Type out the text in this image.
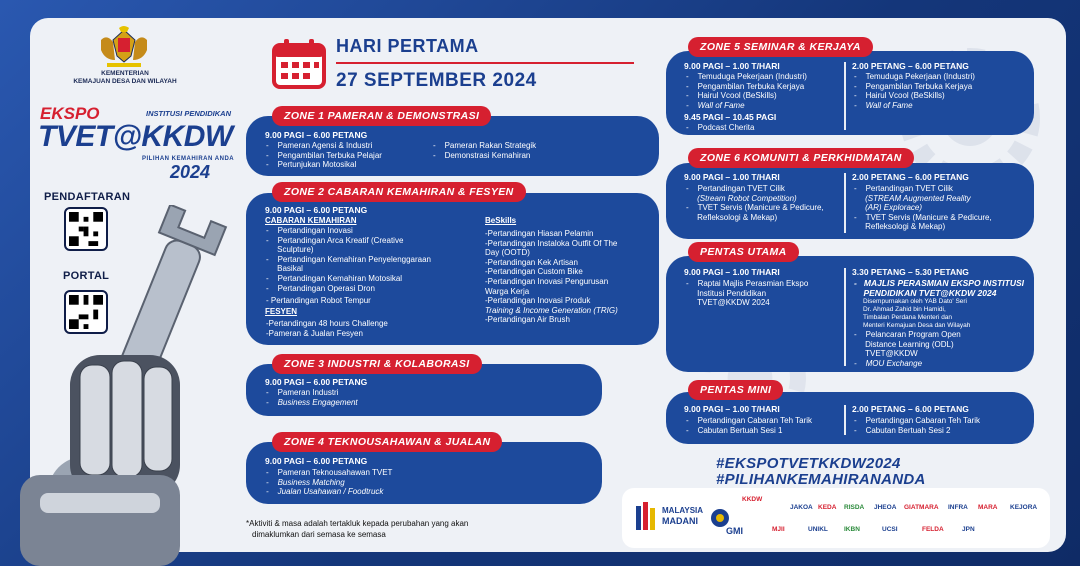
KEMENTERIAN
KEMAJUAN DESA DAN WILAYAH
EKSPO	INSTITUSI PENDIDIKAN
TVET@KKDW
PILIHAN KEMAHIRAN ANDA
2024
PENDAFTARAN
PORTAL
HARI PERTAMA
27 SEPTEMBER 2024
ZONE 1 PAMERAN & DEMONSTRASI
9.00 PAGI – 6.00 PETANG
-    Pameran Agensi & Industri
-    Pengambilan Terbuka Pelajar
-    Pertunjukan Motosikal
-    Pameran Rakan Strategik
-    Demonstrasi Kemahiran
ZONE 2 CABARAN KEMAHIRAN & FESYEN
9.00 PAGI – 6.00 PETANG
CABARAN KEMAHIRAN
-    Pertandingan Inovasi
-    Pertandingan Arca Kreatif (Creative
Sculpture)
-    Pertandingan Kemahiran Penyelenggaraan
Basikal
-    Pertandingan Kemahiran Motosikal
-    Pertandingan Operasi Dron
- Pertandingan Robot Tempur
FESYEN
-Pertandingan 48 hours Challenge
-Pameran & Jualan Fesyen
BeSkills
-Pertandingan Hiasan Pelamin
-Pertandingan Instaloka Outfit Of The
Day (OOTD)
-Pertandingan Kek Artisan
-Pertandingan Custom Bike
-Pertandingan Inovasi Pengurusan
Warga Kerja
-Pertandingan Inovasi Produk
Training & Income Generation (TRIG)
-Pertandingan Air Brush
ZONE 3 INDUSTRI & KOLABORASI
9.00 PAGI – 6.00 PETANG
-    Pameran Industri
-    Business Engagement
ZONE 4 TEKNOUSAHAWAN & JUALAN
9.00 PAGI – 6.00 PETANG
-    Pameran Teknousahawan TVET
-    Business Matching
-    Jualan Usahawan / Foodtruck
*Aktiviti & masa adalah tertakluk kepada perubahan yang akan
dimaklumkan dari semasa ke semasa
ZONE 5 SEMINAR & KERJAYA
9.00 PAGI – 1.00 T/HARI
-    Temuduga Pekerjaan (Industri)
-    Pengambilan Terbuka Kerjaya
-    Hairul Vcool (BeSkills)
-    Wall of Fame
9.45 PAGI – 10.45 PAGI
-    Podcast Cherita
2.00 PETANG – 6.00 PETANG
-    Temuduga Pekerjaan (Industri)
-    Pengambilan Terbuka Kerjaya
-    Hairul Vcool (BeSkills)
-    Wall of Fame
ZONE 6 KOMUNITI & PERKHIDMATAN
9.00 PAGI – 1.00 T/HARI
-    Pertandingan TVET Cilik
(Stream Robot Competition)
-    TVET Servis (Manicure & Pedicure,
Refleksologi & Mekap)
2.00 PETANG – 6.00 PETANG
-    Pertandingan TVET Cilik
(STREAM Augmented Reality
(AR) Explorace)
-    TVET Servis (Manicure & Pedicure,
Refleksologi & Mekap)
PENTAS UTAMA
9.00 PAGI – 1.00 T/HARI
-    Raptai Majlis Perasmian Ekspo
Institusi Pendidikan
TVET@KKDW 2024
3.30 PETANG – 5.30 PETANG
-   MAJLIS PERASMIAN EKSPO INSTITUSI
PENDIDIKAN TVET@KKDW 2024
Disempurnakan oleh YAB Dato' Seri
Dr. Ahmad Zahid bin Hamidi,
Timbalan Perdana Menteri dan
Menteri Kemajuan Desa dan Wilayah
-    Pelancaran Program Open
Distance Learning (ODL)
TVET@KKDW
-    MOU Exchange
PENTAS MINI
9.00 PAGI – 1.00 T/HARI
-    Pertandingan Cabaran Teh Tarik
-    Cabutan Bertuah Sesi 1
2.00 PETANG – 6.00 PETANG
-    Pertandingan Cabaran Teh Tarik
-    Cabutan Bertuah Sesi 2
#EKSPOTVETKKDW2024
#PILIHANKEMAHIRANANDA
MALAYSIA
MADANI
KKDW
JAKOA KEDA RISDA JHEOA GIATMARA INFRA MARA KEJORA
GMI	MJII	UNIKL IKBN	UCSI	FELDA	JPN
